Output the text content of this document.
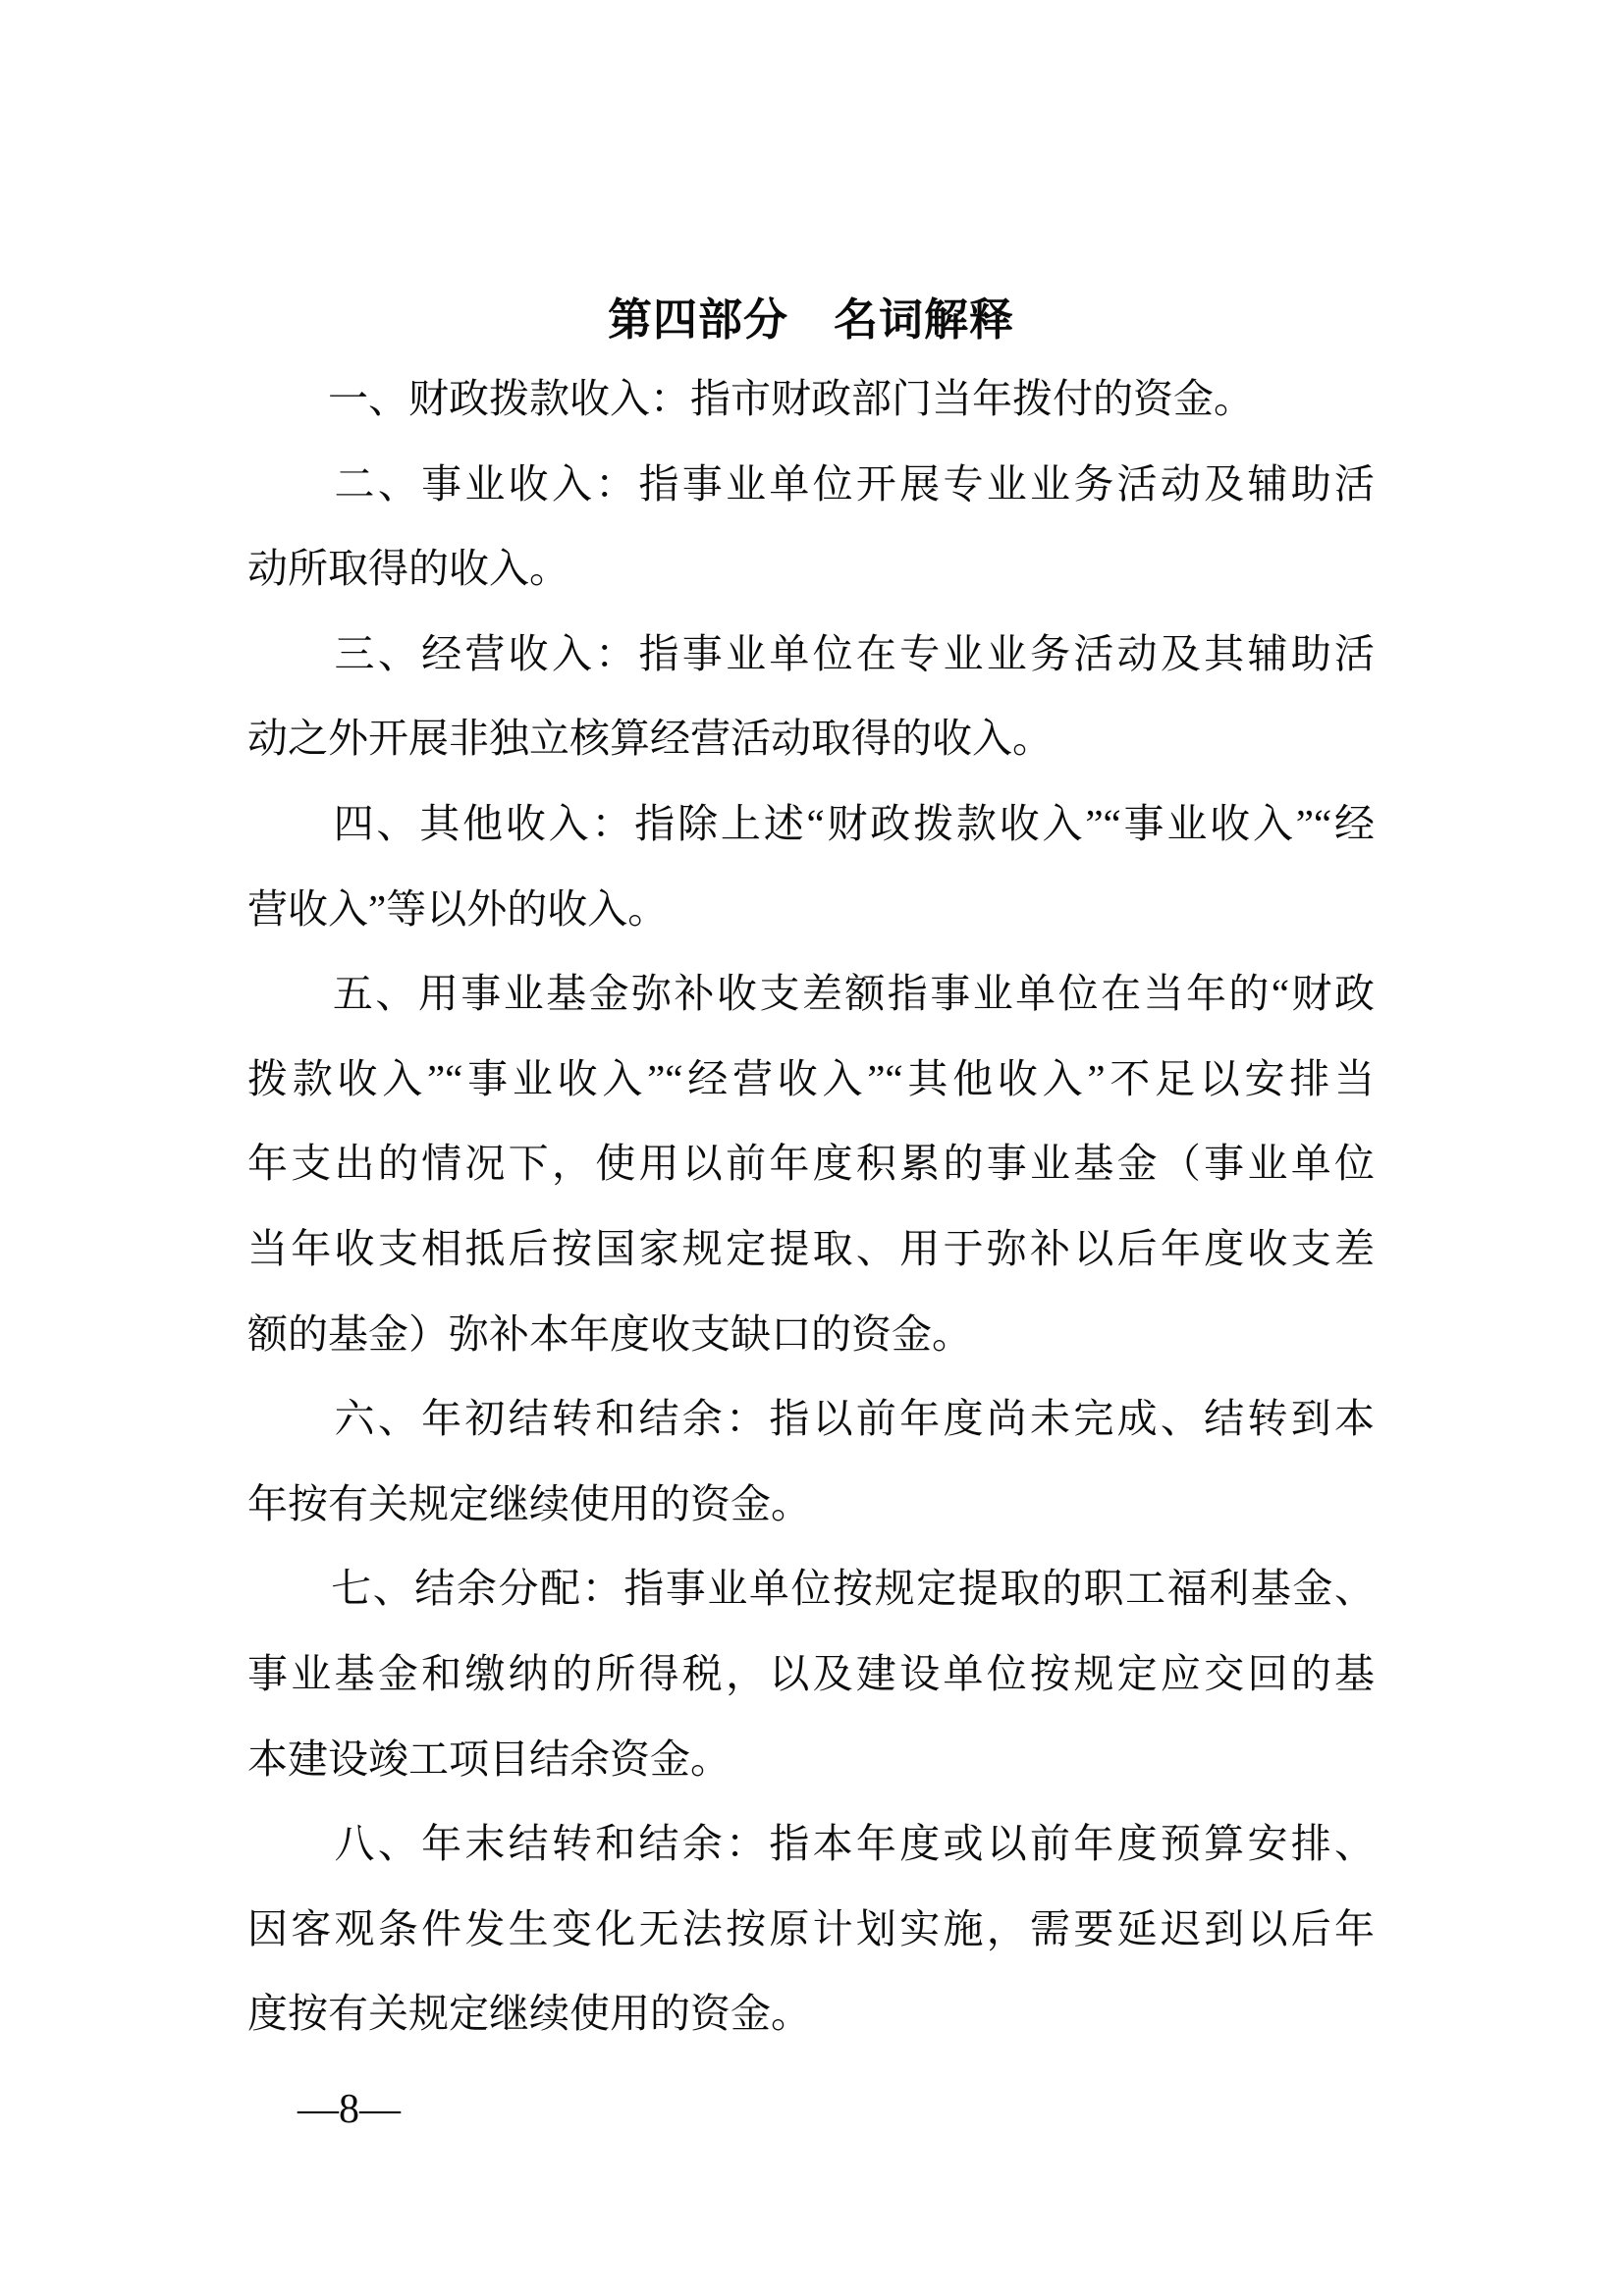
第四部分　名词解释
　　一、财政拨款收入：指市财政部门当年拨付的资金。
　　二、事业收入：指事业单位开展专业业务活动及辅助活
动所取得的收入。
　　三、经营收入：指事业单位在专业业务活动及其辅助活
动之外开展非独立核算经营活动取得的收入。
　　四、其他收入：指除上述“财政拨款收入”“事业收入”“经
营收入”等以外的收入。
　　五、用事业基金弥补收支差额指事业单位在当年的“财政
拨款收入”“事业收入”“经营收入”“其他收入”不足以安排当
年支出的情况下，使用以前年度积累的事业基金（事业单位
当年收支相抵后按国家规定提取、用于弥补以后年度收支差
额的基金）弥补本年度收支缺口的资金。
　　六、年初结转和结余：指以前年度尚未完成、结转到本
年按有关规定继续使用的资金。
　　七、结余分配：指事业单位按规定提取的职工福利基金、
事业基金和缴纳的所得税，以及建设单位按规定应交回的基
本建设竣工项目结余资金。
　　八、年末结转和结余：指本年度或以前年度预算安排、
因客观条件发生变化无法按原计划实施，需要延迟到以后年
度按有关规定继续使用的资金。
—8—
